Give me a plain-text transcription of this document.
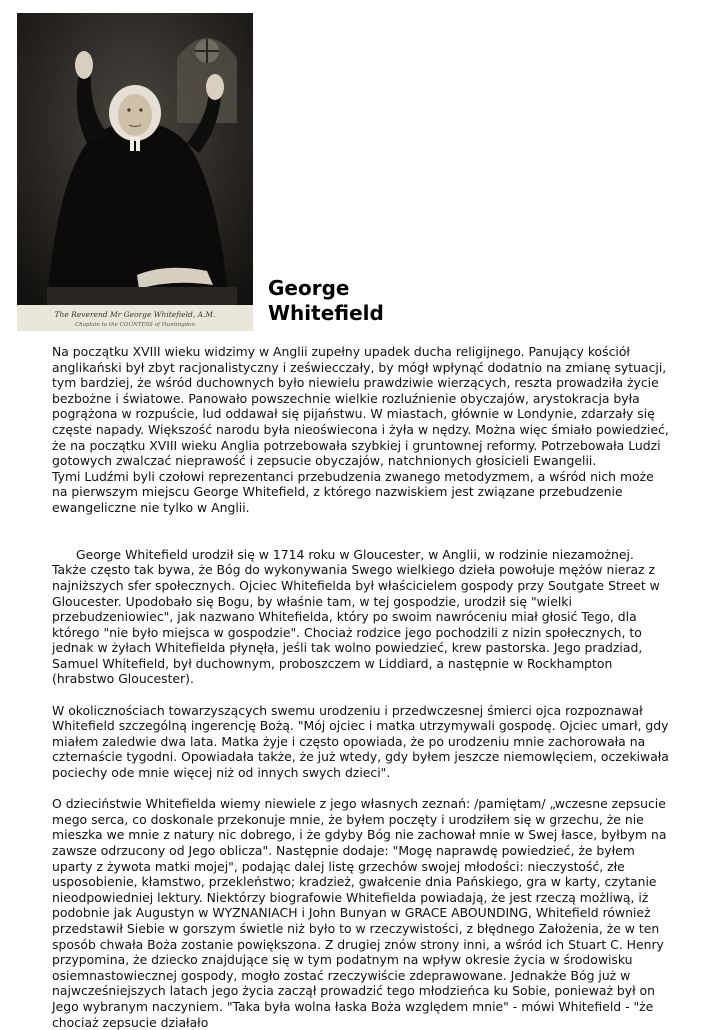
The Reverend Mr George Whitefield, A.M.
Chaplain to the COUNTESS of Huntingdon
George
Whitefield

Na początku XVIII wieku widzimy w Anglii zupełny upadek ducha religijnego. Panujący kościół anglikański był zbyt racjonalistyczny i zeświecczały, by mógł wpłynąć dodatnio na zmianę sytuacji, tym bardziej, że wśród duchownych było niewielu prawdziwie wierzących, reszta prowadziła życie bezbożne i światowe. Panowało powszechnie wielkie rozluźnienie obyczajów, arystokracja była pogrążona w rozpuście, lud oddawał się pijaństwu. W miastach, głównie w Londynie, zdarzały się częste napady. Większość narodu była nieoświecona i żyła w nędzy. Można więc śmiało powiedzieć, że na początku XVIII wieku Anglia potrzebowała szybkiej i gruntownej reformy. Potrzebowała Ludzi gotowych zwalczać nieprawość i zepsucie obyczajów, natchnionych głosicieli Ewangelii.

Tymi Ludźmi byli czołowi reprezentanci przebudzenia zwanego metodyzmem, a wśród nich może na pierwszym miejscu George Whitefield, z którego nazwiskiem jest związane przebudzenie ewangeliczne nie tylko w Anglii.

George Whitefield urodził się w 1714 roku w Gloucester, w Anglii, w rodzinie niezamożnej. Także często tak bywa, że Bóg do wykonywania Swego wielkiego dzieła powołuje mężów nieraz z najniższych sfer społecznych. Ojciec Whitefielda był właścicielem gospody przy Soutgate Street w Gloucester. Upodobało się Bogu, by właśnie tam, w tej gospodzie, urodził się "wielki przebudzeniowiec", jak nazwano Whitefielda, który po swoim nawróceniu miał głosić Tego, dla którego "nie było miejsca w gospodzie". Chociaż rodzice jego pochodzili z nizin społecznych, to jednak w żyłach Whitefielda płynęła, jeśli tak wolno powiedzieć, krew pastorska. Jego pradziad, Samuel Whitefield, był duchownym, proboszczem w Liddiard, a następnie w Rockhampton (hrabstwo Gloucester).

W okolicznościach towarzyszących swemu urodzeniu i przedwczesnej śmierci ojca rozpoznawał Whitefield szczególną ingerencję Bożą. "Mój ojciec i matka utrzymywali gospodę. Ojciec umarł, gdy miałem zaledwie dwa lata. Matka żyje i często opowiada, że po urodzeniu mnie zachorowała na czternaście tygodni. Opowiadała także, że już wtedy, gdy byłem jeszcze niemowlęciem, oczekiwała pociechy ode mnie więcej niż od innych swych dzieci".

O dzieciństwie Whitefielda wiemy niewiele z jego własnych zeznań: /pamiętam/ „wczesne zepsucie mego serca, co doskonale przekonuje mnie, że byłem poczęty i urodziłem się w grzechu, że nie mieszka we mnie z natury nic dobrego, i że gdyby Bóg nie zachował mnie w Swej łasce, byłbym na zawsze odrzucony od Jego oblicza". Następnie dodaje: "Mogę naprawdę powiedzieć, że byłem uparty z żywota matki mojej", podając dalej listę grzechów swojej młodości: nieczystość, złe usposobienie, kłamstwo, przekleństwo; kradzież, gwałcenie dnia Pańskiego, gra w karty, czytanie nieodpowiedniej lektury. Niektórzy biografowie Whitefielda powiadają, że jest rzeczą możliwą, iż podobnie jak Augustyn w WYZNANIACH i John Bunyan w GRACE ABOUNDING, Whitefield również przedstawił Siebie w gorszym świetle niż było to w rzeczywistości, z błędnego Założenia, że w ten sposób chwała Boża zostanie powiększona. Z drugiej znów strony inni, a wśród ich Stuart C. Henry przypomina, że dziecko znajdujące się w tym podatnym na wpływ okresie życia w środowisku osiemnastowiecznej gospody, mogło zostać rzeczywiście zdeprawowane. Jednakże Bóg już w najwcześniejszych latach jego życia zaczął prowadzić tego młodzieńca ku Sobie, ponieważ był on Jego wybranym naczyniem. "Taka była wolna łaska Boża względem mnie" - mówi Whitefield - "że chociaż zepsucie działało
